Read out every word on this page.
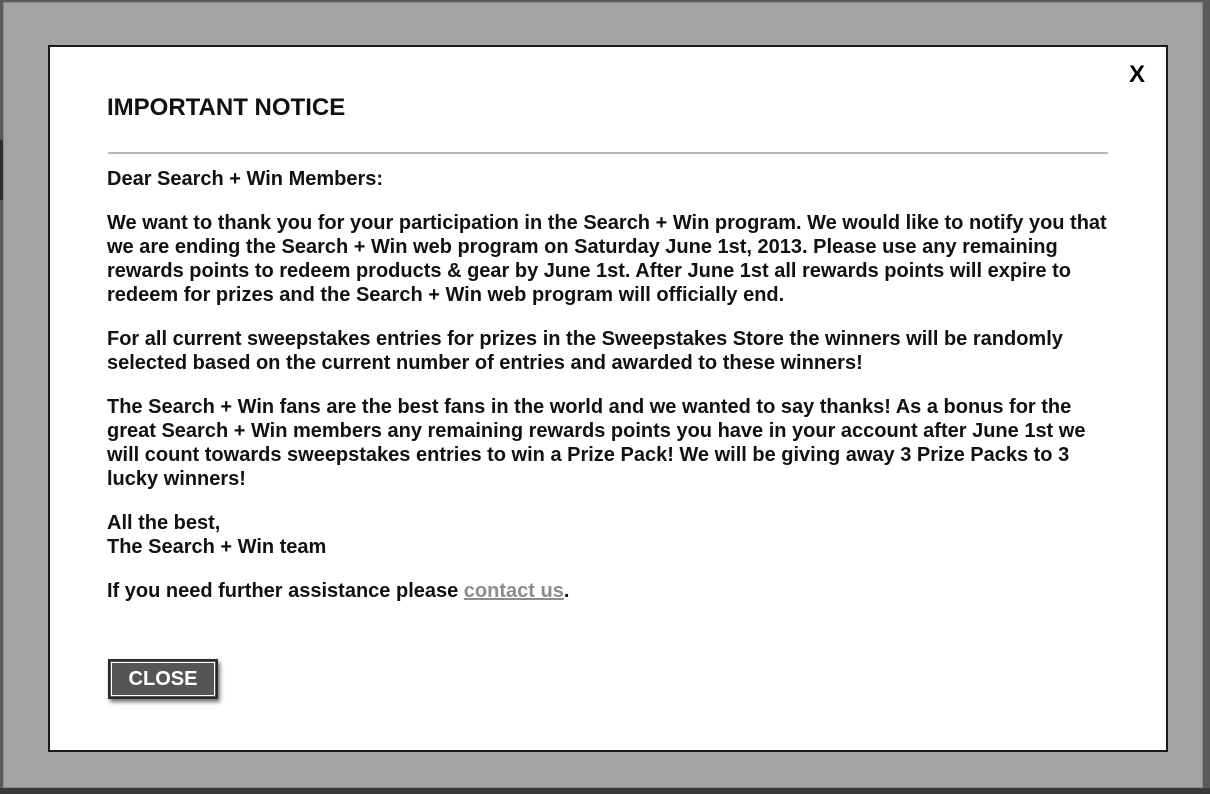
X
IMPORTANT NOTICE

Dear Search + Win Members:

We want to thank you for your participation in the Search + Win program. We would like to notify you that we are ending the Search + Win web program on Saturday June 1st, 2013. Please use any remaining rewards points to redeem products & gear by June 1st. After June 1st all rewards points will expire to redeem for prizes and the Search + Win web program will officially end.

For all current sweepstakes entries for prizes in the Sweepstakes Store the winners will be randomly selected based on the current number of entries and awarded to these winners!

The Search + Win fans are the best fans in the world and we wanted to say thanks! As a bonus for the great Search + Win members any remaining rewards points you have in your account after June 1st we will count towards sweepstakes entries to win a Prize Pack! We will be giving away 3 Prize Packs to 3 lucky winners!

All the best,
The Search + Win team

If you need further assistance please contact us.

CLOSE
